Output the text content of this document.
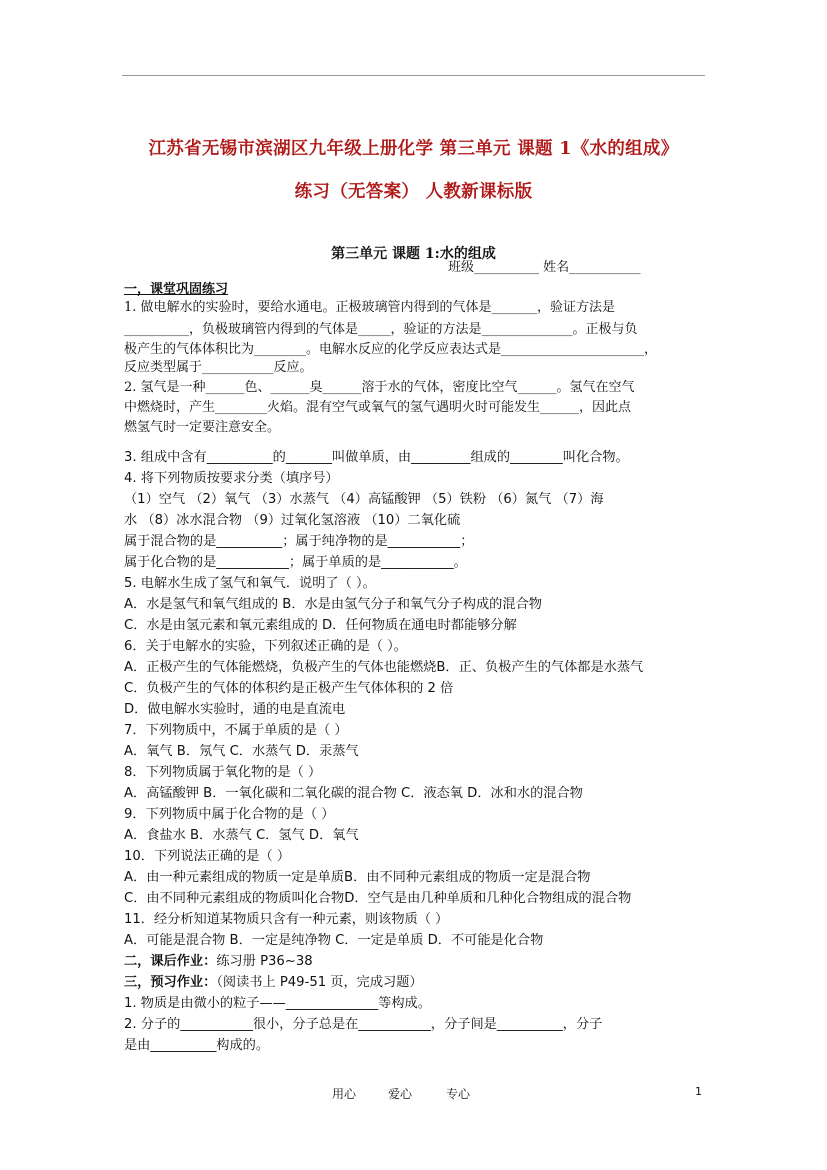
江苏省无锡市滨湖区九年级上册化学 第三单元 课题 1《水的组成》
练习（无答案） 人教新课标版
第三单元 课题 1:水的组成
班级__________ 姓名___________
一，课堂巩固练习
1. 做电解水的实验时，要给水通电。正极玻璃管内得到的气体是_______，验证方法是
__________，负极玻璃管内得到的气体是_____，验证的方法是______________。正极与负
极产生的气体体积比为________。电解水反应的化学反应表达式是______________________，
反应类型属于___________反应。
2. 氢气是一种______色、______臭______溶于水的气体，密度比空气______。氢气在空气
中燃烧时，产生________火焰。混有空气或氧气的氢气遇明火时可能发生______，因此点
燃氢气时一定要注意安全。
3. 组成中含有__________的_______叫做单质，由_________组成的________叫化合物。
4. 将下列物质按要求分类（填序号）
（1）空气 （2）氧气 （3）水蒸气 （4）高锰酸钾 （5）铁粉 （6）氮气 （7）海
水 （8）冰水混合物 （9）过氧化氢溶液 （10）二氧化硫
属于混合物的是__________；属于纯净物的是___________；
属于化合物的是___________；属于单质的是___________。
5. 电解水生成了氢气和氧气．说明了（ ）。
A．水是氢气和氧气组成的 B．水是由氢气分子和氧气分子构成的混合物
C．水是由氢元素和氧元素组成的 D．任何物质在通电时都能够分解
6．关于电解水的实验，下列叙述正确的是（ ）。
A．正极产生的气体能燃烧，负极产生的气体也能燃烧B．正、负极产生的气体都是水蒸气
C．负极产生的气体的体积约是正极产生气体体积的 2 倍
D．做电解水实验时，通的电是直流电
7．下列物质中，不属于单质的是（ ）
A．氧气 B．氖气 C．水蒸气 D．汞蒸气
8．下列物质属于氧化物的是（ ）
A．高锰酸钾 B．一氧化碳和二氧化碳的混合物 C．液态氧 D．冰和水的混合物
9．下列物质中属于化合物的是（ ）
A．食盐水 B．水蒸气 C．氢气 D．氧气
10．下列说法正确的是（ ）
A．由一种元素组成的物质一定是单质B．由不同种元素组成的物质一定是混合物
C．由不同种元素组成的物质叫化合物D．空气是由几种单质和几种化合物组成的混合物
11．经分析知道某物质只含有一种元素，则该物质（ ）
A．可能是混合物 B．一定是纯净物 C．一定是单质 D．不可能是化合物
二，课后作业：练习册 P36~38
三，预习作业：（阅读书上 P49-51 页，完成习题）
1. 物质是由微小的粒子——______________等构成。
2. 分子的___________很小，分子总是在___________，分子间是__________，分子
是由__________构成的。
用心	爱心	专心	1
